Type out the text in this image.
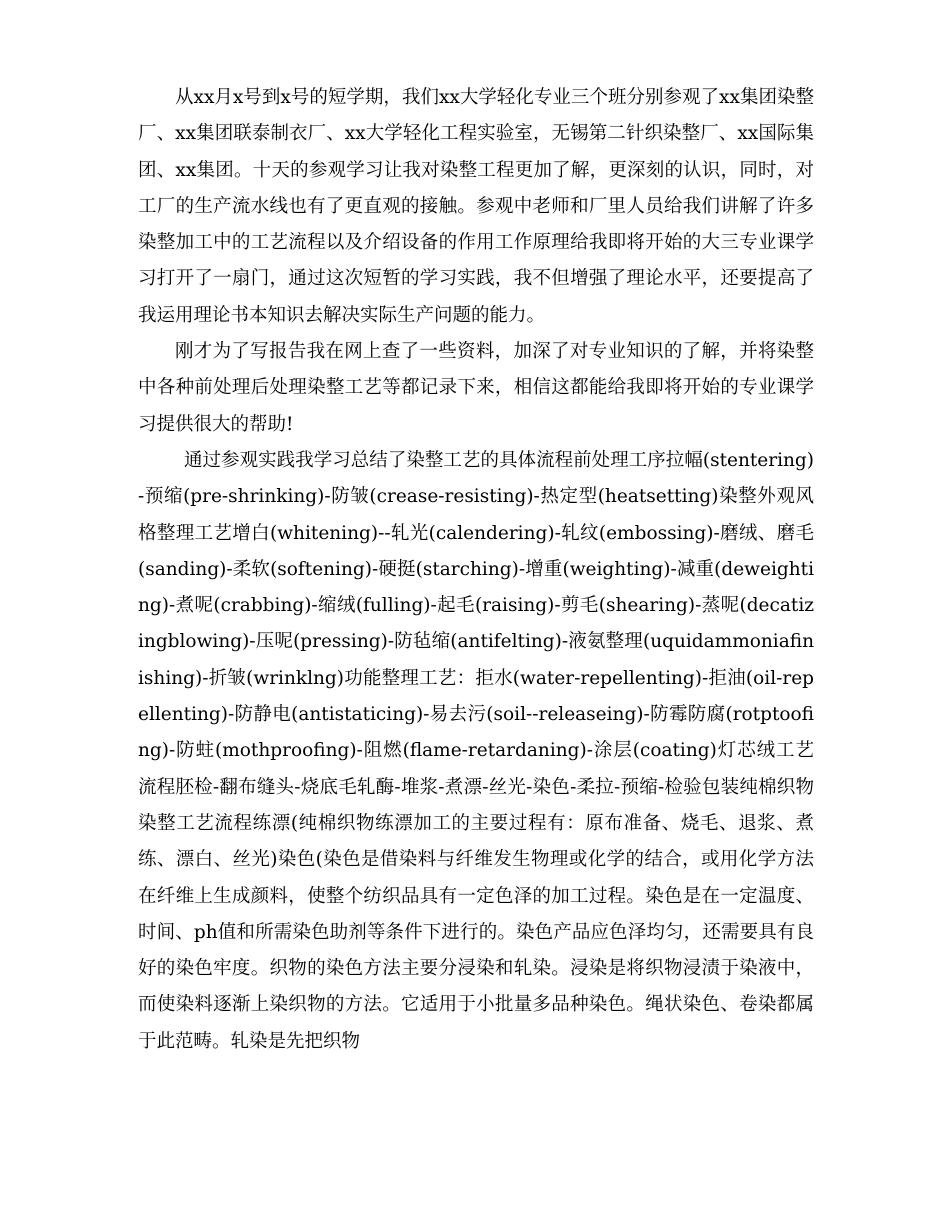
从xx月x号到x号的短学期，我们xx大学轻化专业三个班分别参观了xx集团染整厂、xx集团联泰制衣厂、xx大学轻化工程实验室，无锡第二针织染整厂、xx国际集团、xx集团。十天的参观学习让我对染整工程更加了解，更深刻的认识，同时，对工厂的生产流水线也有了更直观的接触。参观中老师和厂里人员给我们讲解了许多染整加工中的工艺流程以及介绍设备的作用工作原理给我即将开始的大三专业课学习打开了一扇门，通过这次短暂的学习实践，我不但增强了理论水平，还要提高了我运用理论书本知识去解决实际生产问题的能力。

刚才为了写报告我在网上查了一些资料，加深了对专业知识的了解，并将染整中各种前处理后处理染整工艺等都记录下来，相信这都能给我即将开始的专业课学习提供很大的帮助!

通过参观实践我学习总结了染整工艺的具体流程前处理工序拉幅(stentering)-预缩(pre-shrinking)-防皱(crease-resisting)-热定型(heatsetting)染整外观风格整理工艺增白(whitening)--轧光(calendering)-轧纹(embossing)-磨绒、磨毛(sanding)-柔软(softening)-硬挺(starching)-增重(weighting)-减重(deweighting)-煮呢(crabbing)-缩绒(fulling)-起毛(raising)-剪毛(shearing)-蒸呢(decatizingblowing)-压呢(pressing)-防毡缩(antifelting)-液氨整理(uquidammoniafinishing)-折皱(wrinklng)功能整理工艺：拒水(water-repellenting)-拒油(oil-repellenting)-防静电(antistaticing)-易去污(soil--releaseing)-防霉防腐(rotptoofing)-防蛀(mothproofing)-阻燃(flame-retardaning)-涂层(coating)灯芯绒工艺流程胚检-翻布缝头-烧底毛轧酶-堆浆-煮漂-丝光-染色-柔拉-预缩-检验包装纯棉织物染整工艺流程练漂(纯棉织物练漂加工的主要过程有：原布准备、烧毛、退浆、煮练、漂白、丝光)染色(染色是借染料与纤维发生物理或化学的结合，或用化学方法在纤维上生成颜料，使整个纺织品具有一定色泽的加工过程。染色是在一定温度、时间、ph值和所需染色助剂等条件下进行的。染色产品应色泽均匀，还需要具有良好的染色牢度。织物的染色方法主要分浸染和轧染。浸染是将织物浸渍于染液中，而使染料逐渐上染织物的方法。它适用于小批量多品种染色。绳状染色、卷染都属于此范畴。轧染是先把织物
